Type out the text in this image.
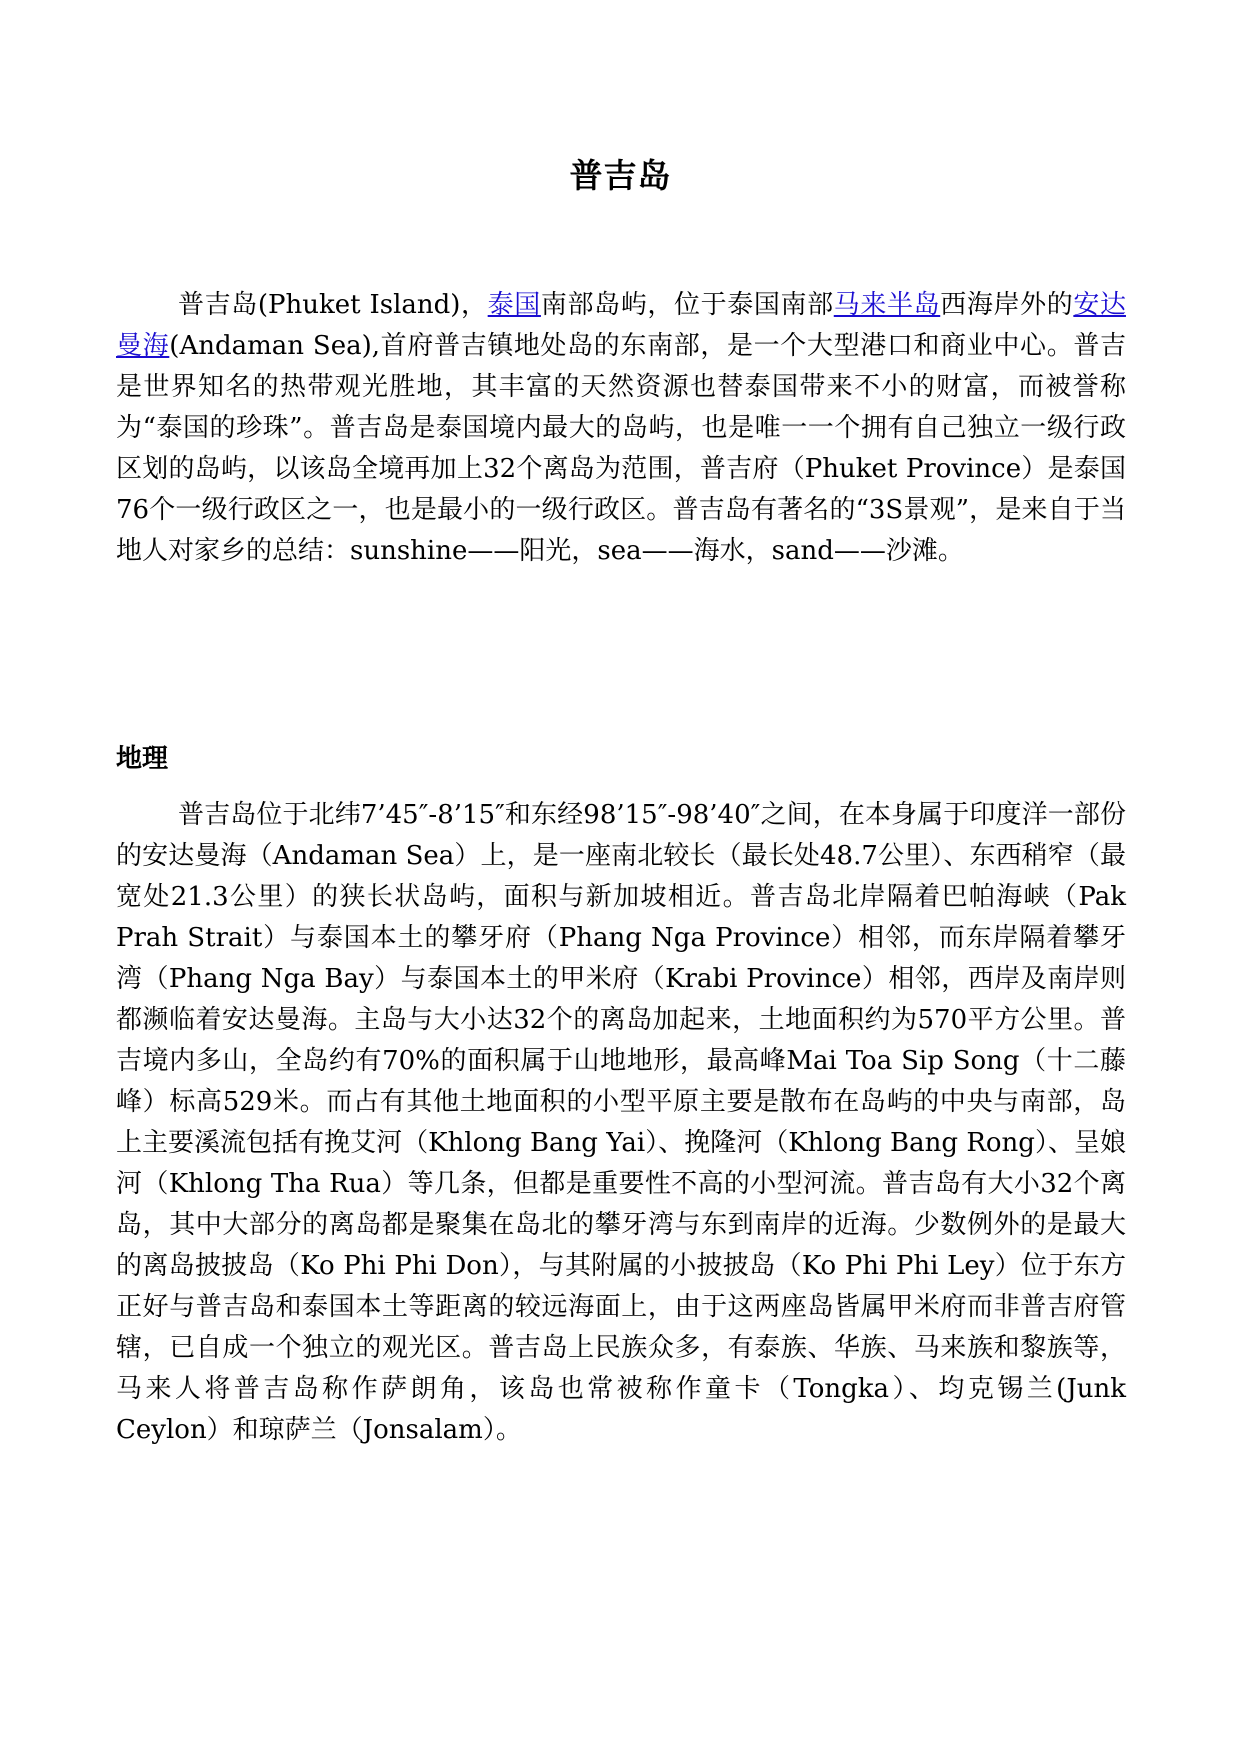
普吉岛

普吉岛(Phuket Island)，泰国南部岛屿，位于泰国南部马来半岛西海岸外的安达曼海(Andaman Sea),首府普吉镇地处岛的东南部，是一个大型港口和商业中心。普吉是世界知名的热带观光胜地，其丰富的天然资源也替泰国带来不小的财富，而被誉称为“泰国的珍珠”。普吉岛是泰国境内最大的岛屿，也是唯一一个拥有自己独立一级行政区划的岛屿，以该岛全境再加上32个离岛为范围，普吉府（Phuket Province）是泰国76个一级行政区之一，也是最小的一级行政区。普吉岛有著名的“3S景观”，是来自于当地人对家乡的总结：sunshine——阳光，sea——海水，sand——沙滩。

地理

普吉岛位于北纬7’45″-8’15″和东经98’15″-98’40″之间，在本身属于印度洋一部份的安达曼海（Andaman Sea）上，是一座南北较长（最长处48.7公里）、东西稍窄（最宽处21.3公里）的狭长状岛屿，面积与新加坡相近。普吉岛北岸隔着巴帕海峡（Pak Prah Strait）与泰国本土的攀牙府（Phang Nga Province）相邻，而东岸隔着攀牙湾（Phang Nga Bay）与泰国本土的甲米府（Krabi Province）相邻，西岸及南岸则都濒临着安达曼海。主岛与大小达32个的离岛加起来，土地面积约为570平方公里。普吉境内多山，全岛约有70%的面积属于山地地形，最高峰Mai Toa Sip Song（十二藤峰）标高529米。而占有其他土地面积的小型平原主要是散布在岛屿的中央与南部，岛上主要溪流包括有挽艾河（Khlong Bang Yai）、挽隆河（Khlong Bang Rong）、呈娘河（Khlong Tha Rua）等几条，但都是重要性不高的小型河流。普吉岛有大小32个离岛，其中大部分的离岛都是聚集在岛北的攀牙湾与东到南岸的近海。少数例外的是最大的离岛披披岛（Ko Phi Phi Don），与其附属的小披披岛（Ko Phi Phi Ley）位于东方正好与普吉岛和泰国本土等距离的较远海面上，由于这两座岛皆属甲米府而非普吉府管辖，已自成一个独立的观光区。普吉岛上民族众多，有泰族、华族、马来族和黎族等，马来人将普吉岛称作萨朗角，该岛也常被称作童卡（Tongka）、均克锡兰(Junk Ceylon）和琼萨兰（Jonsalam）。
